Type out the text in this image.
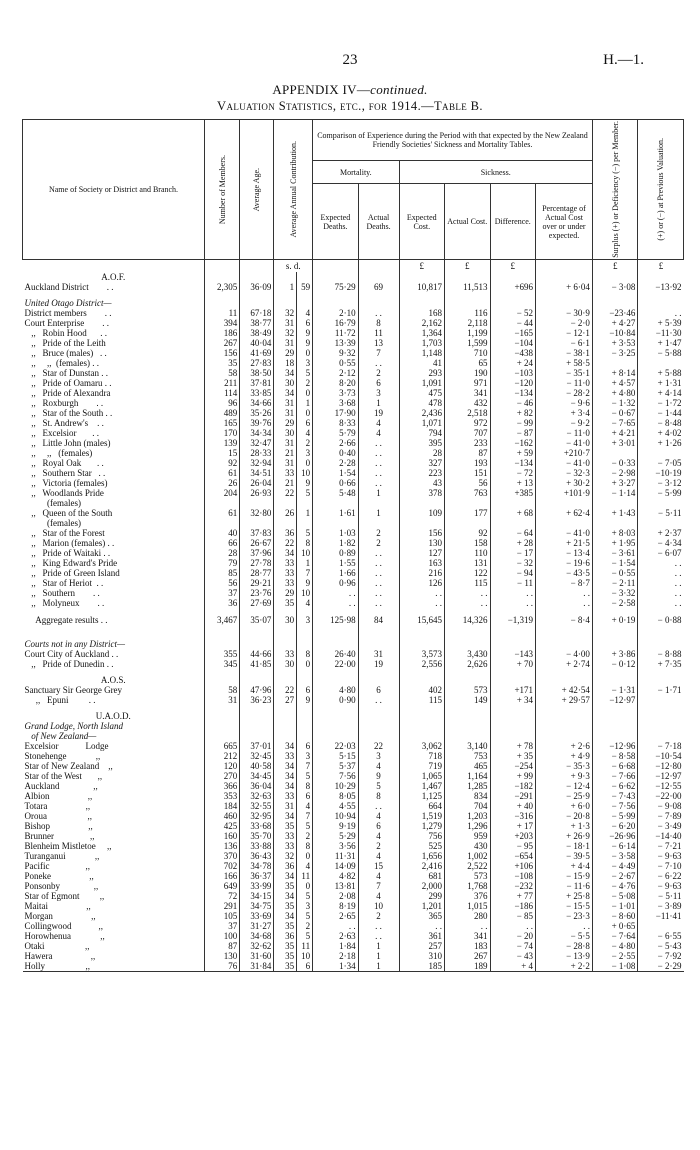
23	H.—1.
APPENDIX IV—continued.
Valuation Statistics, etc., for 1914.—Table B.
Name of Society or District and Branch.	Number of Members.	Average Age.	Average Annual Contribution.		Comparison of Experience during the Period with that expected by the New Zealand Friendly Societies' Sickness and Mortality Tables.						Surplus (+) or Deficiency (−) per Member.	(+) or (−) at Previous Valuation.

					Mortality.		Sickness.					
					Expected Deaths.	Actual Deaths.	Expected Cost.	Actual Cost.	Difference.	Percentage of Actual Cost over or under expected.		
			s. d.				£	£	£		£	£
A.O.F.												
Auckland District        . .	2,305	36·09	1	59	75·29	69	10,817	11,513	+696	+ 6·04	− 3·08	−13·92

United Otago District—												
District members        . .	11	67·18	32	4	2·10	. .	168	116	− 52	− 30·9	−23·46	. .
Court Enterprise        . .	394	38·77	31	6	16·79	8	2,162	2,118	− 44	− 2·0	+ 4·27	+ 5·39
,,   Robin Hood      . .	186	38·49	32	9	11·72	11	1,364	1,199	−165	− 12·1	−10·84	−11·30
,,   Pride of the Leith	267	40·04	31	9	13·39	13	1,703	1,599	−104	− 6·1	+ 3·53	+ 1·47
,,   Bruce (males)   . .	156	41·69	29	0	9·32	7	1,148	710	−438	− 38·1	− 3·25	− 5·88
,,     ,,  (females) . .	35	27·83	18	3	0·55	. .	41	65	+ 24	+ 58·5		
,,   Star of Dunstan . .	58	38·50	34	5	2·12	2	293	190	−103	− 35·1	+ 8·14	+ 5·88
,,   Pride of Oamaru . .	211	37·81	30	2	8·20	6	1,091	971	−120	− 11·0	+ 4·57	+ 1·31
,,   Pride of Alexandra	114	33·85	34	0	3·73	3	475	341	−134	− 28·2	+ 4·80	+ 4·14
,,   Roxburgh        . .	96	34·66	31	1	3·68	1	478	432	− 46	− 9·6	− 1·32	− 1·72
,,   Star of the South . .	489	35·26	31	0	17·90	19	2,436	2,518	+ 82	+ 3·4	− 0·67	− 1·44
,,   St. Andrew's    . .	165	39·76	29	6	8·33	4	1,071	972	− 99	− 9·2	− 7·65	− 8·48
,,   Excelsior       . .	170	34·34	30	4	5·79	4	794	707	− 87	− 11·0	+ 4·21	+ 4·02
,,   Little John (males)	139	32·47	31	2	2·66	. .	395	233	−162	− 41·0	+ 3·01	+ 1·26
,,     ,,   (females)	15	28·33	21	3	0·40	. .	28	87	+ 59	+210·7		
,,   Royal Oak       . .	92	32·94	31	0	2·28	. .	327	193	−134	− 41·0	− 0·33	− 7·05
,,   Southern Star   . .	61	34·51	33	10	1·54	. .	223	151	− 72	− 32·3	− 2·98	−10·19
,,   Victoria (females)	26	26·04	21	9	0·66	. .	43	56	+ 13	+ 30·2	+ 3·27	− 3·12
,,   Woodlands Pride	204	26·93	22	5	5·48	1	378	763	+385	+101·9	− 1·14	− 5·99
(females)												
,,   Queen of the South	61	32·80	26	1	1·61	1	109	177	+ 68	+ 62·4	+ 1·43	− 5·11
(females)												
,,   Star of the Forest	40	37·83	36	5	1·03	2	156	92	− 64	− 41·0	+ 8·03	+ 2·37
,,   Marion (females) . .	66	26·67	22	8	1·82	2	130	158	+ 28	+ 21·5	+ 1·95	− 4·34
,,   Pride of Waitaki . .	28	37·96	34	10	0·89	. .	127	110	− 17	− 13·4	− 3·61	− 6·07
,,   King Edward's Pride	79	27·78	33	1	1·55	. .	163	131	− 32	− 19·6	− 1·54	. .
,,   Pride of Green Island	85	28·77	33	7	1·66	. .	216	122	− 94	− 43·5	− 0·55	. .
,,   Star of Heriot  . .	56	29·21	33	9	0·96	. .	126	115	− 11	− 8·7	− 2·11	. .
,,   Southern        . .	37	23·76	29	10	. .	. .	. .	. .	. .	. .	− 3·32	. .
,,   Molyneux        . .	36	27·69	35	4	. .	. .	. .	. .	. .	. .	− 2·58	. .

Aggregate results . .	3,467	35·07	30	3	125·98	84	15,645	14,326	−1,319	− 8·4	+ 0·19	− 0·88

Courts not in any District—												
Court City of Auckland . .	355	44·66	33	8	26·40	31	3,573	3,430	−143	− 4·00	+ 3·86	− 8·88
,,   Pride of Dunedin . .	345	41·85	30	0	22·00	19	2,556	2,626	+ 70	+ 2·74	− 0·12	+ 7·35

A.O.S.												
Sanctuary Sir George Grey	58	47·96	22	6	4·80	6	402	573	+171	+ 42·54	− 1·31	− 1·71
,,   Epuni         . .	31	36·23	27	9	0·90	. .	115	149	+ 34	+ 29·57	−12·97	

U.A.O.D.												
Grand Lodge, North Island												
of New Zealand—												
Excelsior            Lodge	665	37·01	34	6	22·03	22	3,062	3,140	+ 78	+ 2·6	−12·96	− 7·18
Stonehenge             ,,	212	32·45	33	3	5·15	3	718	753	+ 35	+ 4·9	− 8·58	−10·54
Star of New Zealand    ,,	120	40·58	34	7	5·37	4	719	465	−254	− 35·3	− 6·68	−12·80
Star of the West       ,,	270	34·45	34	5	7·56	9	1,065	1,164	+ 99	+ 9·3	− 7·66	−12·97
Auckland               ,,	366	36·04	34	8	10·29	5	1,467	1,285	−182	− 12·4	− 6·62	−12·55
Albion                 ,,	353	32·63	33	6	8·05	8	1,125	834	−291	− 25·9	− 7·43	−22·00
Totara                 ,,	184	32·55	31	4	4·55	. .	664	704	+ 40	+ 6·0	− 7·56	− 9·08
Oroua                  ,,	460	32·95	34	7	10·94	4	1,519	1,203	−316	− 20·8	− 5·99	− 7·89
Bishop                 ,,	425	33·68	35	5	9·19	6	1,279	1,296	+ 17	+ 1·3	− 6·20	− 3·49
Brunner                ,,	160	35·70	33	2	5·29	4	756	959	+203	+ 26·9	−26·96	−14·40
Blenheim Mistletoe     ,,	136	33·88	33	8	3·56	2	525	430	− 95	− 18·1	− 6·14	− 7·21
Turanganui             ,,	370	36·43	32	0	11·31	4	1,656	1,002	−654	− 39·5	− 3·58	− 9·63
Pacific                ,,	702	34·78	36	4	14·09	15	2,416	2,522	+106	+ 4·4	− 4·49	− 7·10
Poneke                 ,,	166	36·37	34	11	4·82	4	681	573	−108	− 15·9	− 2·67	− 6·22
Ponsonby               ,,	649	33·99	35	0	13·81	7	2,000	1,768	−232	− 11·6	− 4·76	− 9·63
Star of Egmont         ,,	72	34·15	34	5	2·08	4	299	376	+ 77	+ 25·8	− 5·08	− 5·11
Maitai                 ,,	291	34·75	35	3	8·19	10	1,201	1,015	−186	− 15·5	− 1·01	− 3·89
Morgan                 ,,	105	33·69	34	5	2·65	2	365	280	− 85	− 23·3	− 8·60	−11·41
Collingwood            ,,	37	31·27	35	2	. .	. .	. .	. .	. .	. .	+ 0·65	
Horowhenua             ,,	100	34·68	36	5	2·63	. .	361	341	− 20	− 5·5	− 7·64	− 6·55
Otaki                  ,,	87	32·62	35	11	1·84	1	257	183	− 74	− 28·8	− 4·80	− 5·43
Hawera                 ,,	130	31·60	35	10	2·18	1	310	267	− 43	− 13·9	− 2·55	− 7·92
Holly                  ,,	76	31·84	35	6	1·34	1	185	189	+ 4	+ 2·2	− 1·08	− 2·29
